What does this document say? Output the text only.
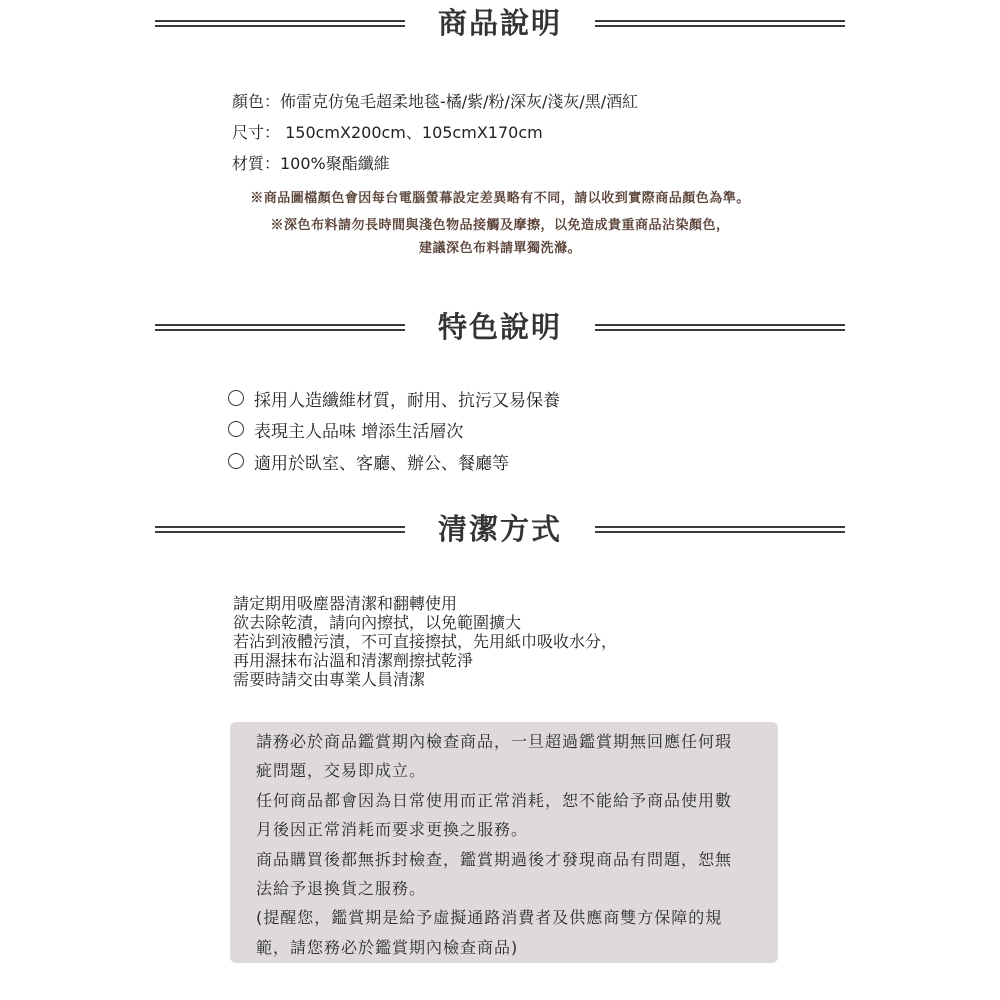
商品說明
顏色：佈雷克仿兔毛超柔地毯-橘/紫/粉/深灰/淺灰/黑/酒紅
尺寸： 150cmX200cm、105cmX170cm
材質：100%聚酯纖維
※商品圖檔顏色會因每台電腦螢幕設定差異略有不同，請以收到實際商品顏色為準。
※深色布料請勿長時間與淺色物品接觸及摩擦，以免造成貴重商品沾染顏色，
建議深色布料請單獨洗滌。
特色說明
採用人造纖維材質，耐用、抗污又易保養
表現主人品味 增添生活層次
適用於臥室、客廳、辦公、餐廳等
清潔方式
請定期用吸塵器清潔和翻轉使用
欲去除乾漬，請向內擦拭，以免範圍擴大
若沾到液體污漬，不可直接擦拭，先用紙巾吸收水分，
再用濕抹布沾溫和清潔劑擦拭乾淨
需要時請交由專業人員清潔
請務必於商品鑑賞期內檢查商品，一旦超過鑑賞期無回應任何瑕
疵問題，交易即成立。
任何商品都會因為日常使用而正常消耗，恕不能給予商品使用數
月後因正常消耗而要求更換之服務。
商品購買後都無拆封檢查，鑑賞期過後才發現商品有問題，恕無
法給予退換貨之服務。
(提醒您，鑑賞期是給予虛擬通路消費者及供應商雙方保障的規
範，請您務必於鑑賞期內檢查商品)
